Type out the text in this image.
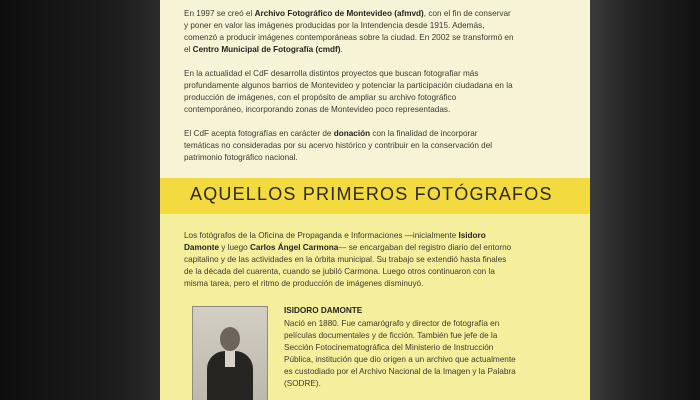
En 1997 se creó el Archivo Fotográfico de Montevideo (afmvd), con el fin de conservar y poner en valor las imágenes producidas por la Intendencia desde 1915. Además, comenzó a producir imágenes contemporáneas sobre la ciudad. En 2002 se transformó en el Centro Municipal de Fotografía (cmdf).

En la actualidad el CdF desarrolla distintos proyectos que buscan fotografiar más profundamente algunos barrios de Montevideo y potenciar la participación ciudadana en la producción de imágenes, con el propósito de ampliar su archivo fotográfico contemporáneo, incorporando zonas de Montevideo poco representadas.

El CdF acepta fotografías en carácter de donación con la finalidad de incorporar temáticas no consideradas por su acervo histórico y contribuir en la conservación del patrimonio fotográfico nacional.

AQUELLOS PRIMEROS FOTÓGRAFOS

Los fotógrafos de la Oficina de Propaganda e Informaciones —inicialmente Isidoro Damonte y luego Carlos Ángel Carmona— se encargaban del registro diario del entorno capitalino y de las actividades en la órbita municipal. Su trabajo se extendió hasta finales de la década del cuarenta, cuando se jubiló Carmona. Luego otros continuaron con la misma tarea, pero el ritmo de producción de imágenes disminuyó.

ISIDORO DAMONTE

Nació en 1880. Fue camarógrafo y director de fotografía en películas documentales y de ficción. También fue jefe de la Sección Fotocinematográfica del Ministerio de Instrucción Pública, institución que dio origen a un archivo que actualmente es custodiado por el Archivo Nacional de la Imagen y la Palabra (SODRE).
